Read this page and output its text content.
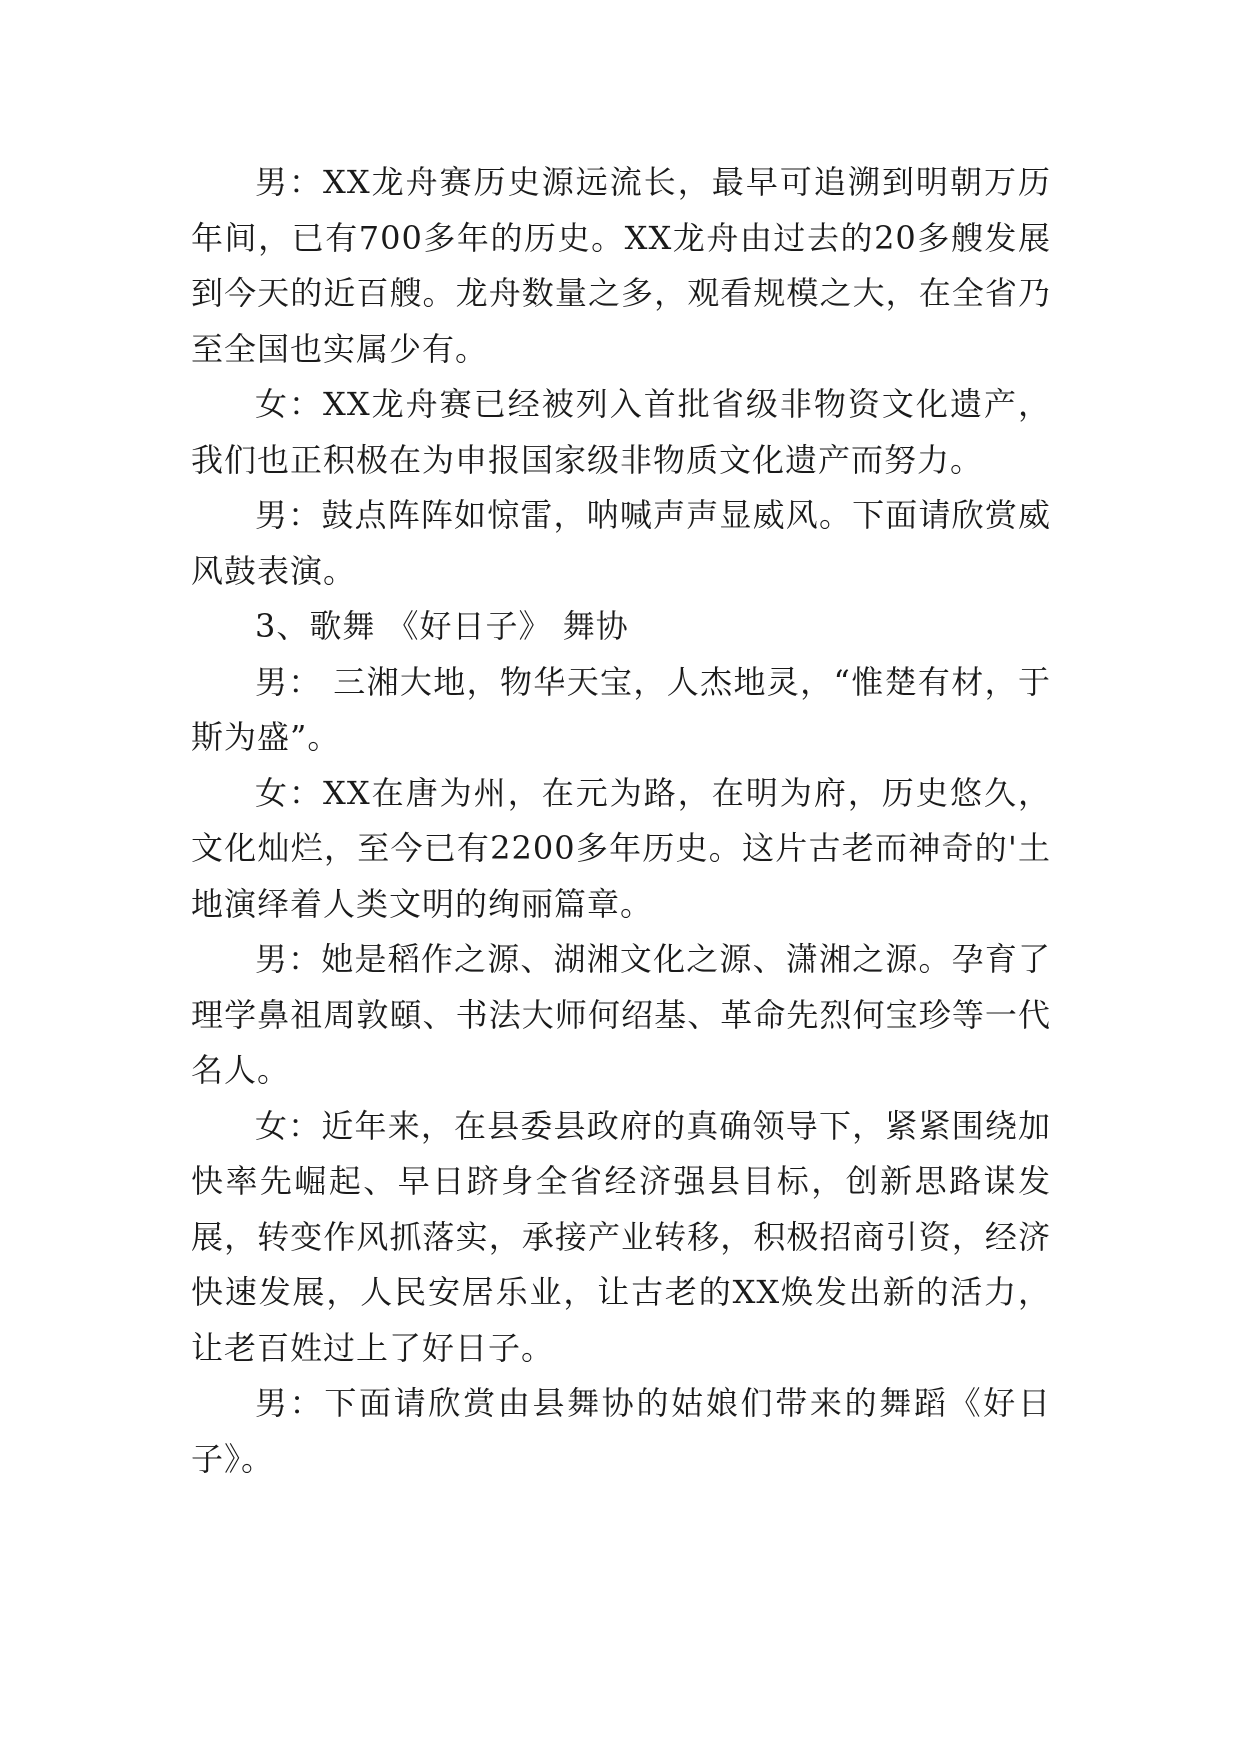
男：XX龙舟赛历史源远流长，最早可追溯到明朝万历年间，已有700多年的历史。XX龙舟由过去的20多艘发展到今天的近百艘。龙舟数量之多，观看规模之大，在全省乃至全国也实属少有。

女：XX龙舟赛已经被列入首批省级非物资文化遗产，我们也正积极在为申报国家级非物质文化遗产而努力。

男：鼓点阵阵如惊雷，呐喊声声显威风。下面请欣赏威风鼓表演。

3、歌舞 《好日子》 舞协

男： 三湘大地，物华天宝，人杰地灵，“惟楚有材，于斯为盛”。

女：XX在唐为州，在元为路，在明为府，历史悠久，文化灿烂，至今已有2200多年历史。这片古老而神奇的'土地演绎着人类文明的绚丽篇章。

男：她是稻作之源、湖湘文化之源、潇湘之源。孕育了理学鼻祖周敦頤、书法大师何绍基、革命先烈何宝珍等一代名人。

女：近年来，在县委县政府的真确领导下，紧紧围绕加快率先崛起、早日跻身全省经济强县目标，创新思路谋发展，转变作风抓落实，承接产业转移，积极招商引资，经济快速发展，人民安居乐业，让古老的XX焕发出新的活力，让老百姓过上了好日子。

男：下面请欣赏由县舞协的姑娘们带来的舞蹈《好日子》。
